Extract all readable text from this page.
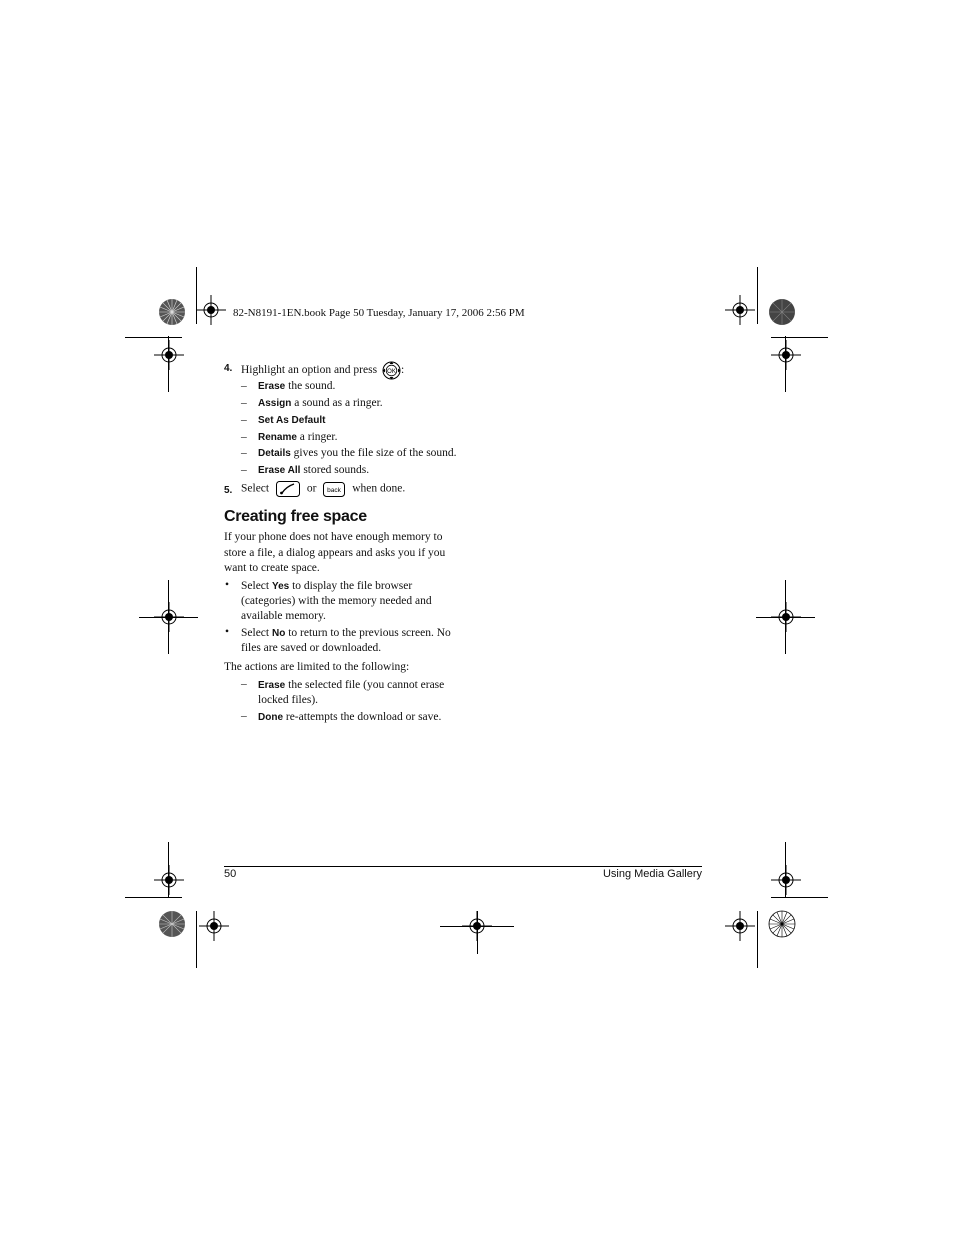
82-N8191-1EN.book Page 50 Tuesday, January 17, 2006 2:56 PM
4. Highlight an option and press OK :
– Erase the sound.
– Assign a sound as a ringer.
– Set As Default
– Rename a ringer.
– Details gives you the file size of the sound.
– Erase All stored sounds.
5. Select	or back when done.
Creating free space
If your phone does not have enough memory to store a file, a dialog appears and asks you if you want to create space.
• Select Yes to display the file browser (categories) with the memory needed and available memory.
• Select No to return to the previous screen. No files are saved or downloaded.
The actions are limited to the following:
– Erase the selected file (you cannot erase locked files).
– Done re-attempts the download or save.
50	Using Media Gallery
